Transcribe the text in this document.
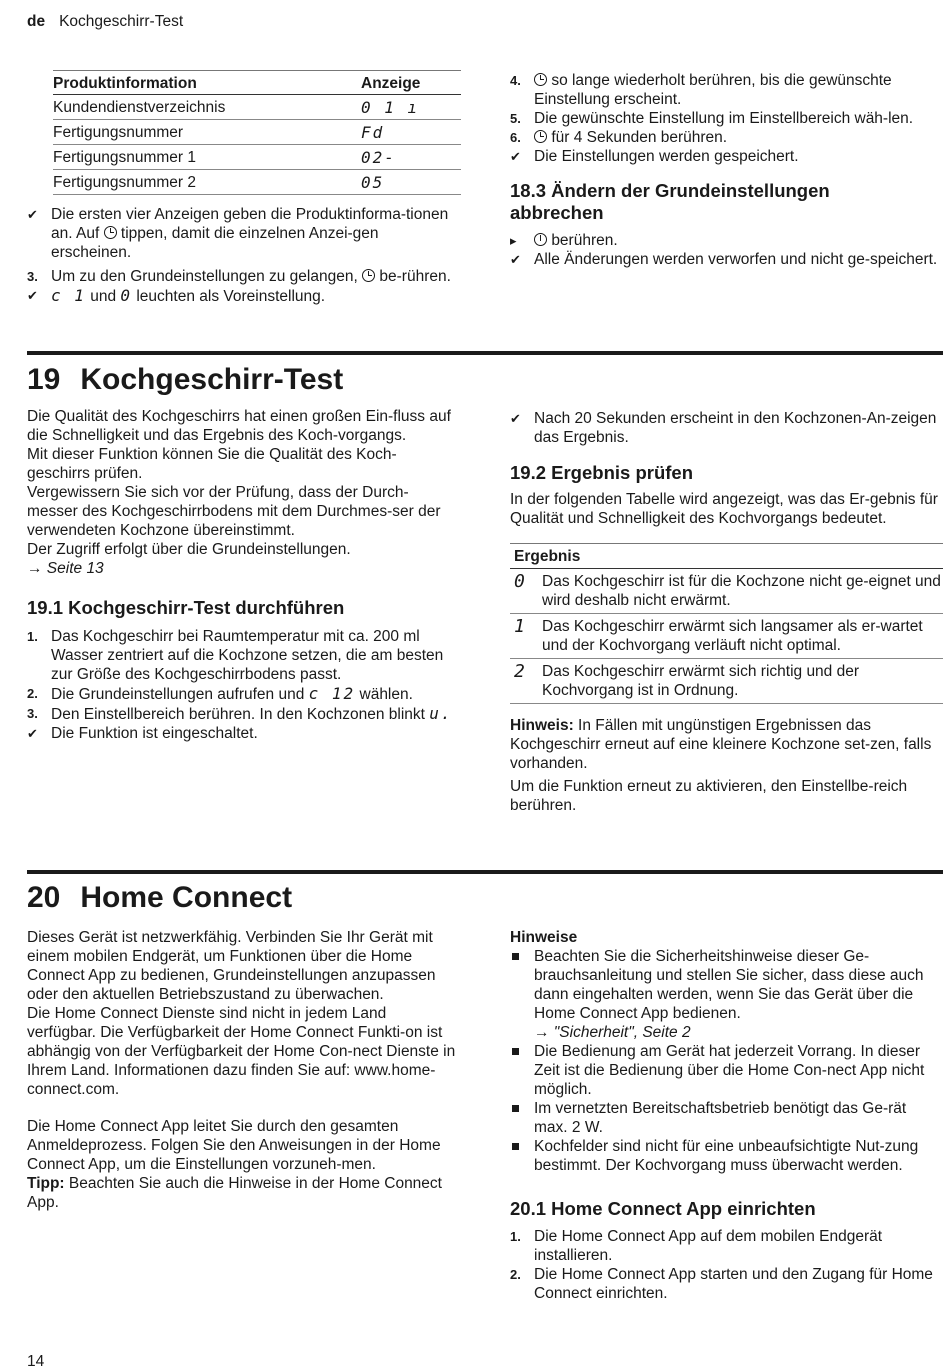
de Kochgeschirr-Test
Produktinformation	Anzeige
Kundendienstverzeichnis	0 1 ı
Fertigungsnummer	Fd
Fertigungsnummer 1	02-
Fertigungsnummer 2	05
✔ Die ersten vier Anzeigen geben die Produktinforma-tionen an. Auf tippen, damit die einzelnen Anzei-gen erscheinen.
3. Um zu den Grundeinstellungen zu gelangen, be-rühren.
✔ c 1 und 0 leuchten als Voreinstellung.
4. so lange wiederholt berühren, bis die gewünschte Einstellung erscheint.
5. Die gewünschte Einstellung im Einstellbereich wäh-len.
6. für 4 Sekunden berühren.
✔ Die Einstellungen werden gespeichert.
18.3 Ändern der Grundeinstellungen abbrechen
▸	berühren.
✔ Alle Änderungen werden verworfen und nicht ge-speichert.
19 Kochgeschirr-Test

Die Qualität des Kochgeschirrs hat einen großen Ein-fluss auf die Schnelligkeit und das Ergebnis des Koch-vorgangs.

Mit dieser Funktion können Sie die Qualität des Koch-geschirrs prüfen.

Vergewissern Sie sich vor der Prüfung, dass der Durch-messer des Kochgeschirrbodens mit dem Durchmes-ser der verwendeten Kochzone übereinstimmt.

Der Zugriff erfolgt über die Grundeinstellungen.

→ Seite 13

19.1 Kochgeschirr-Test durchführen
1. Das Kochgeschirr bei Raumtemperatur mit ca. 200 ml Wasser zentriert auf die Kochzone setzen, die am besten zur Größe des Kochgeschirrbodens passt.
2. Die Grundeinstellungen aufrufen und c 12 wählen.
3. Den Einstellbereich berühren. In den Kochzonen blinkt u.
✔ Die Funktion ist eingeschaltet.
✔ Nach 20 Sekunden erscheint in den Kochzonen-An-zeigen das Ergebnis.
19.2 Ergebnis prüfen

In der folgenden Tabelle wird angezeigt, was das Er-gebnis für Qualität und Schnelligkeit des Kochvorgangs bedeutet.

Ergebnis	
0	Das Kochgeschirr ist für die Kochzone nicht ge-eignet und wird deshalb nicht erwärmt.
1	Das Kochgeschirr erwärmt sich langsamer als er-wartet und der Kochvorgang verläuft nicht optimal.
2	Das Kochgeschirr erwärmt sich richtig und der Kochvorgang ist in Ordnung.

Hinweis: In Fällen mit ungünstigen Ergebnissen das Kochgeschirr erneut auf eine kleinere Kochzone set-zen, falls vorhanden.

Um die Funktion erneut zu aktivieren, den Einstellbe-reich berühren.

20 Home Connect

Dieses Gerät ist netzwerkfähig. Verbinden Sie Ihr Gerät mit einem mobilen Endgerät, um Funktionen über die Home Connect App zu bedienen, Grundeinstellungen anzupassen oder den aktuellen Betriebszustand zu überwachen.

Die Home Connect Dienste sind nicht in jedem Land verfügbar. Die Verfügbarkeit der Home Connect Funkti-on ist abhängig von der Verfügbarkeit der Home Con-nect Dienste in Ihrem Land. Informationen dazu finden Sie auf: www.home-connect.com.

Die Home Connect App leitet Sie durch den gesamten Anmeldeprozess. Folgen Sie den Anweisungen in der Home Connect App, um die Einstellungen vorzuneh-men.

Tipp: Beachten Sie auch die Hinweise in der Home Connect App.

Hinweise

Beachten Sie die Sicherheitshinweise dieser Ge-brauchsanleitung und stellen Sie sicher, dass diese auch dann eingehalten werden, wenn Sie das Gerät über die Home Connect App bedienen.
→ "Sicherheit", Seite 2
Die Bedienung am Gerät hat jederzeit Vorrang. In dieser Zeit ist die Bedienung über die Home Con-nect App nicht möglich.
Im vernetzten Bereitschaftsbetrieb benötigt das Ge-rät max. 2 W.
Kochfelder sind nicht für eine unbeaufsichtigte Nut-zung bestimmt. Der Kochvorgang muss überwacht werden.
20.1 Home Connect App einrichten
1. Die Home Connect App auf dem mobilen Endgerät installieren.
2. Die Home Connect App starten und den Zugang für Home Connect einrichten.
14
